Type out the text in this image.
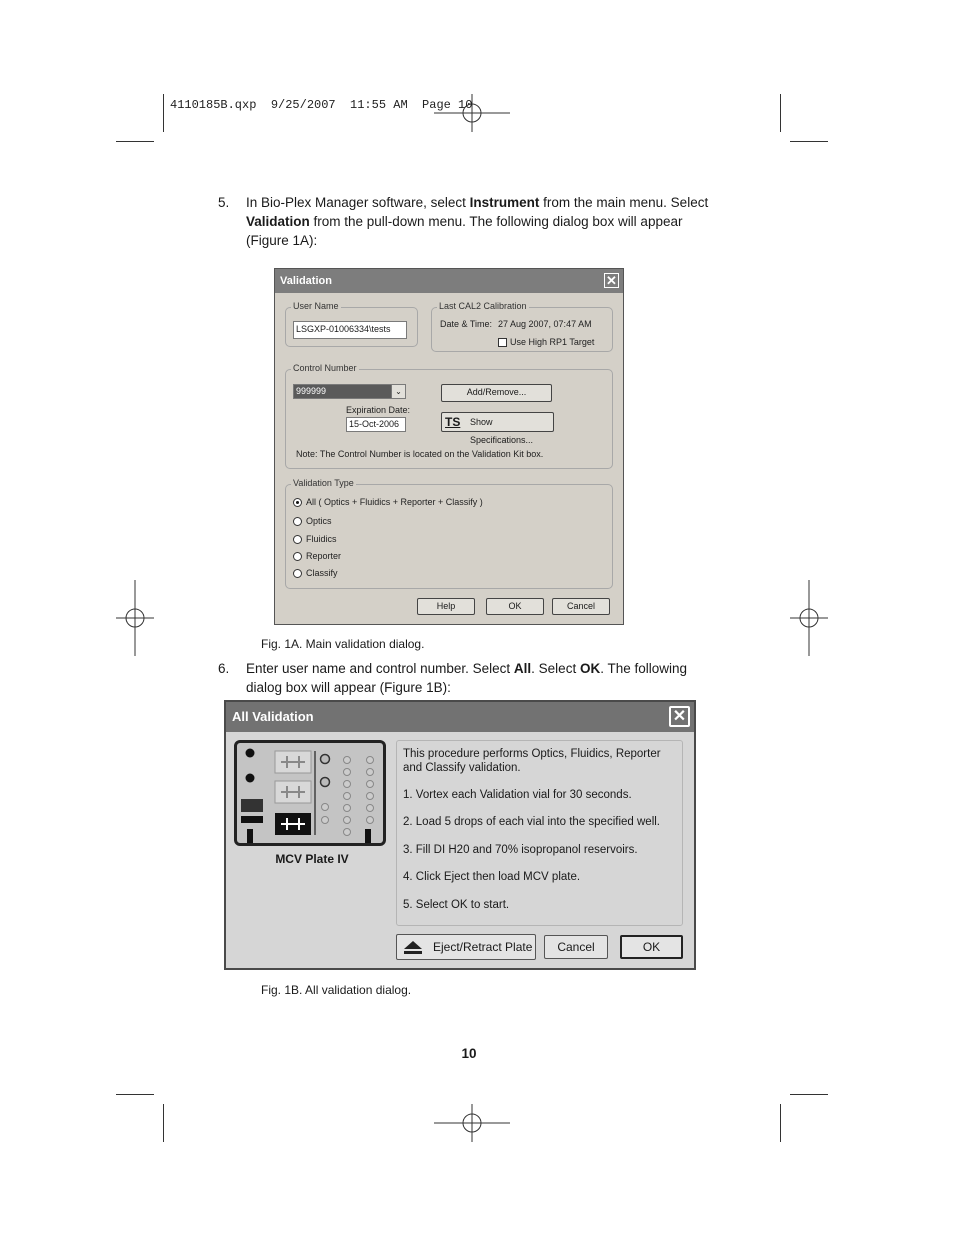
4110185B.qxp  9/25/2007  11:55 AM  Page 10
5. In Bio-Plex Manager software, select Instrument from the main menu. Select Validation from the pull-down menu. The following dialog box will appear (Figure 1A):
Validation	✕
User Name
LSGXP-01006334\tests
Last CAL2 Calibration
Date & Time: 27 Aug 2007, 07:47 AM
Use High RP1 Target
Control Number
999999	⌄
Expiration Date:
15-Oct-2006
Add/Remove...
TS Show Specifications...
Note: The Control Number is located on the Validation Kit box.
Validation Type
All ( Optics + Fluidics + Reporter + Classify )
Optics
Fluidics
Reporter
Classify
Help	OK	Cancel
Fig. 1A. Main validation dialog.
6. Enter user name and control number. Select All. Select OK. The following dialog box will appear (Figure 1B):
All Validation	✕
MCV Plate IV

This procedure performs Optics, Fluidics, Reporter and Classify validation.

1. Vortex each Validation vial for 30 seconds.

2. Load 5 drops of each vial into the specified well.

3. Fill DI H20 and 70% isopropanol reservoirs.

4. Click Eject then load MCV plate.

5. Select OK to start.

Eject/Retract Plate	Cancel	OK
Fig. 1B. All validation dialog.
10
